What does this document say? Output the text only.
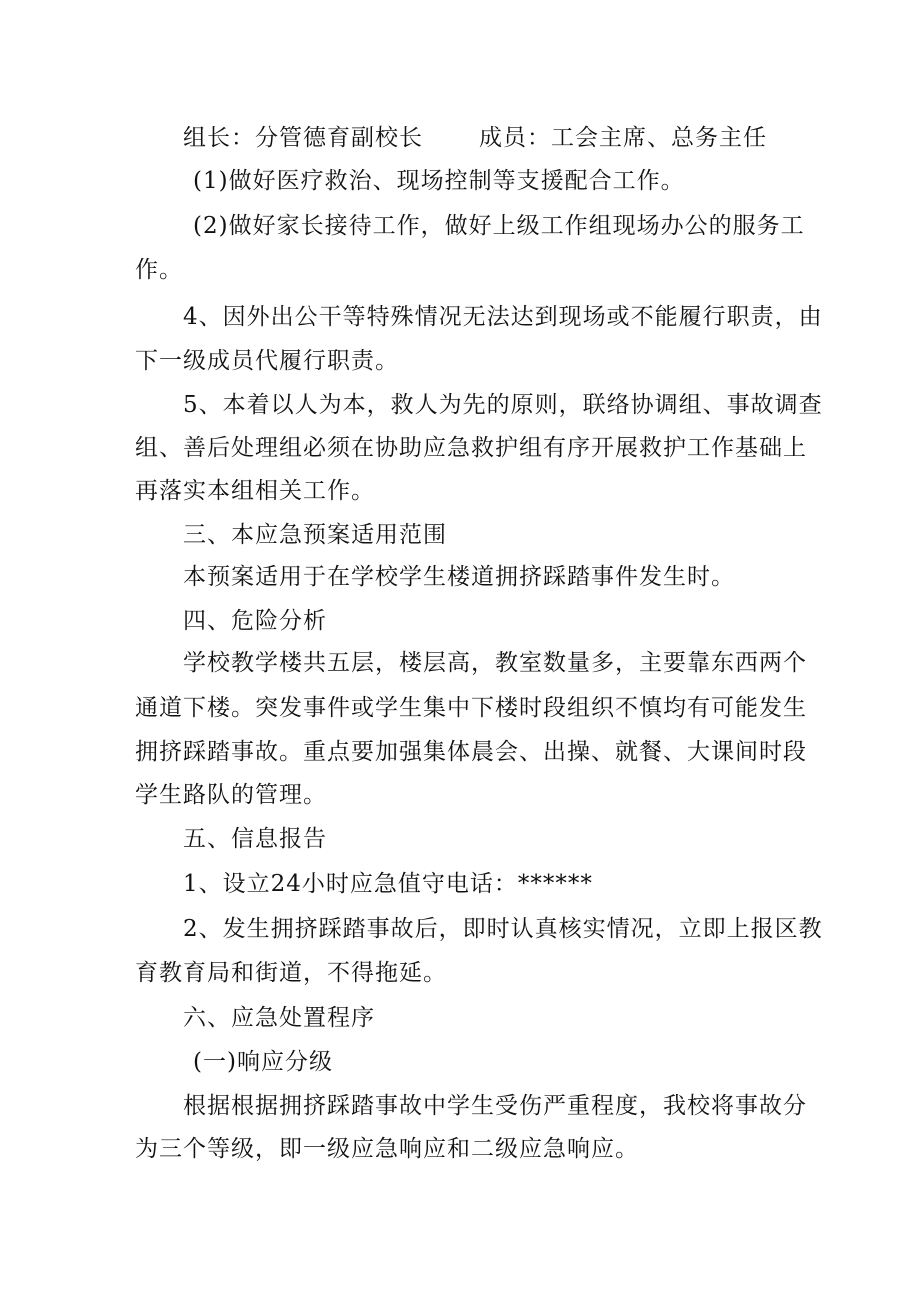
组长：分管德育副校长 成员：工会主席、总务主任
(1)做好医疗救治、现场控制等支援配合工作。
(2)做好家长接待工作，做好上级工作组现场办公的服务工
作。
4、因外出公干等特殊情况无法达到现场或不能履行职责，由
下一级成员代履行职责。
5、本着以人为本，救人为先的原则，联络协调组、事故调查
组、善后处理组必须在协助应急救护组有序开展救护工作基础上
再落实本组相关工作。
三、本应急预案适用范围
本预案适用于在学校学生楼道拥挤踩踏事件发生时。
四、危险分析
学校教学楼共五层，楼层高，教室数量多，主要靠东西两个
通道下楼。突发事件或学生集中下楼时段组织不慎均有可能发生
拥挤踩踏事故。重点要加强集体晨会、出操、就餐、大课间时段
学生路队的管理。
五、信息报告
1、设立24小时应急值守电话：******
2、发生拥挤踩踏事故后，即时认真核实情况，立即上报区教
育教育局和街道，不得拖延。
六、应急处置程序
(一)响应分级
根据根据拥挤踩踏事故中学生受伤严重程度，我校将事故分
为三个等级，即一级应急响应和二级应急响应。
